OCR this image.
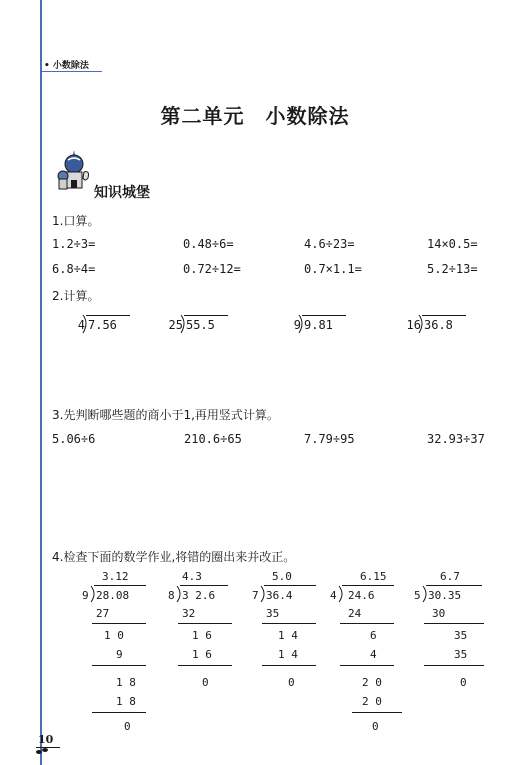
• 小数除法
第二单元　小数除法
知识城堡
1.口算。
1.2÷3=	0.48÷6=	4.6÷23=	14×0.5=
6.8÷4=	0.72÷12=	0.7×1.1=	5.2÷13=
2.计算。
4 7.56	25 55.5	9 9.81	16 36.8
3.先判断哪些题的商小于1,再用竖式计算。
5.06÷6	210.6÷65	7.79÷95	32.93÷37
4.检查下面的数学作业,将错的圈出来并改正。
3.12
9 28.08
27
1 0
9
1 8
1 8
0
4.3
8 3 2.6
32
1 6
1 6
0
5.0
7 36.4
35
1 4
1 4
0
6.15
4 24.6
24
6
4
2 0
2 0
0
6.7
5 30.35
30
35
35
0
10
